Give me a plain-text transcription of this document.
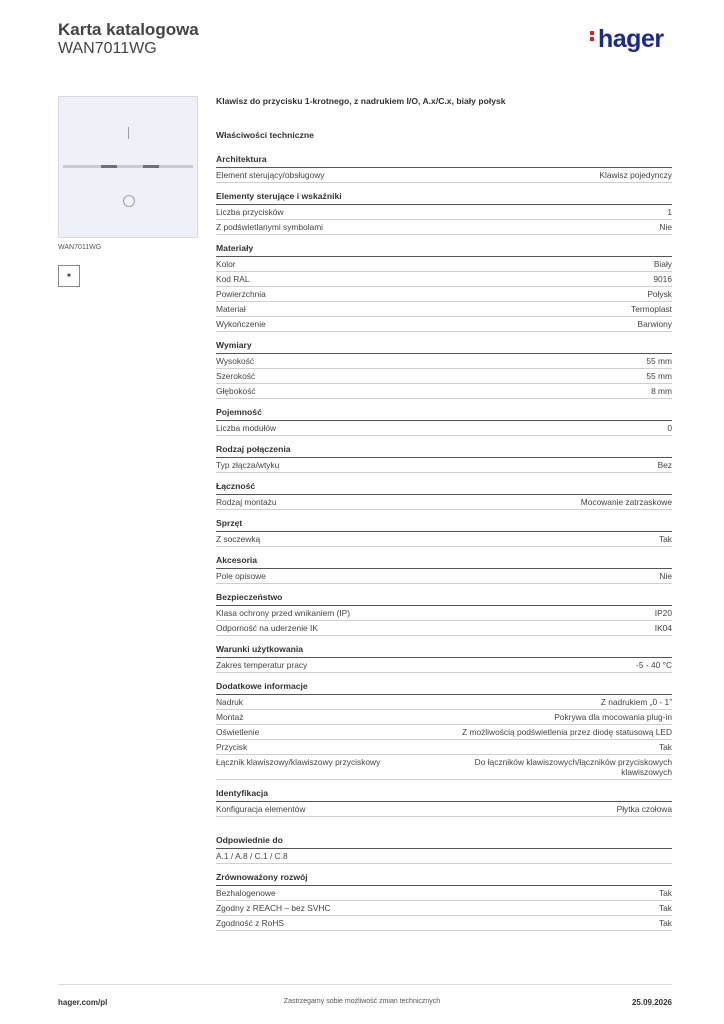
Karta katalogowa
WAN7011WG	hager
WAN7011WG
✶
Klawisz do przycisku 1-krotnego, z nadrukiem I/O, A.x/C.x, biały połysk
Właściwości techniczne
Architektura
Element sterujący/obsługowy	Klawisz pojedynczy
Elementy sterujące i wskaźniki
Liczba przycisków	1
Z podświetlanymi symbolami	Nie
Materiały
Kolor	Biały
Kod RAL	9016
Powierzchnia	Połysk
Materiał	Termoplast
Wykończenie	Barwiony
Wymiary
Wysokość	55 mm
Szerokość	55 mm
Głębokość	8 mm
Pojemność
Liczba modułów	0
Rodzaj połączenia
Typ złącza/wtyku	Bez
Łączność
Rodzaj montażu	Mocowanie zatrzaskowe
Sprzęt
Z soczewką	Tak
Akcesoria
Pole opisowe	Nie
Bezpieczeństwo
Klasa ochrony przed wnikaniem (IP)	IP20
Odporność na uderzenie IK	IK04
Warunki użytkowania
Zakres temperatur pracy	-5 - 40 °C
Dodatkowe informacje
Nadruk	Z nadrukiem „0 - 1”
Montaż	Pokrywa dla mocowania plug-in
Oświetlenie	Z możliwością podświetlenia przez diodę statusową LED
Przycisk	Tak
Łącznik klawiszowy/klawiszowy przyciskowy	Do łączników klawiszowych/łączników przyciskowych klawiszowych
Identyfikacja
Konfiguracja elementów	Płytka czołowa
Odpowiednie do
A.1 / A.8 / C.1 / C.8
Zrównoważony rozwój
Bezhalogenowe	Tak
Zgodny z REACH – bez SVHC	Tak
Zgodność z RoHS	Tak
hager.com/pl	Zastrzegamy sobie możliwość zmian technicznych	25.09.2026
